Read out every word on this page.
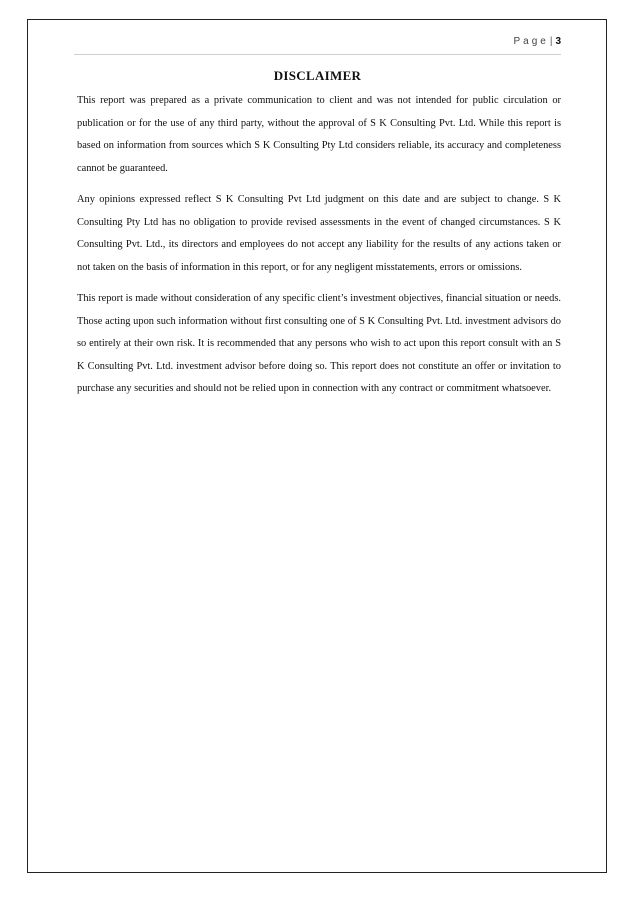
Page| 3
DISCLAIMER

This report was prepared as a private communication to client and was not intended for public circulation or publication or for the use of any third party, without the approval of S K Consulting Pvt. Ltd. While this report is based on information from sources which S K Consulting Pty Ltd considers reliable, its accuracy and completeness cannot be guaranteed.

Any opinions expressed reflect S K Consulting Pvt Ltd judgment on this date and are subject to change. S K Consulting Pty Ltd has no obligation to provide revised assessments in the event of changed circumstances. S K Consulting Pvt. Ltd., its directors and employees do not accept any liability for the results of any actions taken or not taken on the basis of information in this report, or for any negligent misstatements, errors or omissions.

This report is made without consideration of any specific client’s investment objectives, financial situation or needs. Those acting upon such information without first consulting one of S K Consulting Pvt. Ltd. investment advisors do so entirely at their own risk. It is recommended that any persons who wish to act upon this report consult with an S K Consulting Pvt. Ltd. investment advisor before doing so. This report does not constitute an offer or invitation to purchase any securities and should not be relied upon in connection with any contract or commitment whatsoever.
